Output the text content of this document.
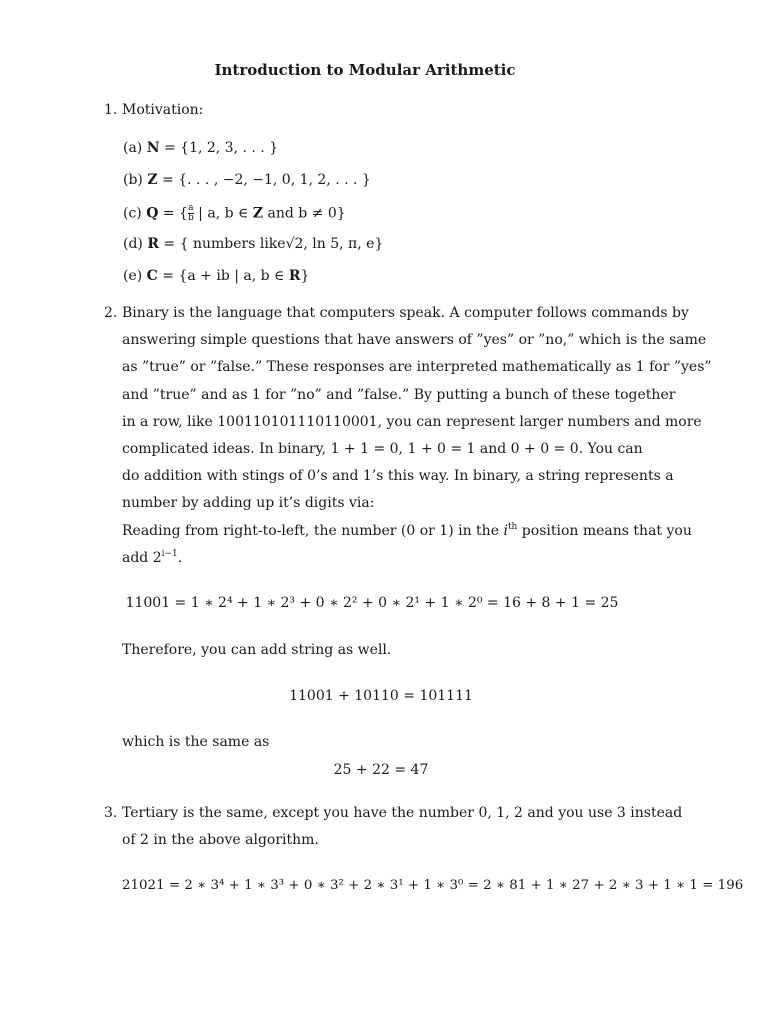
Introduction to Modular Arithmetic
1. Motivation:
(a) N = {1, 2, 3, . . . }
(b) Z = {. . . , −2, −1, 0, 1, 2, . . . }
(c) Q = { $\frac{a}{b}$ | a, b ∈ Z and b ≠ 0}
(d) R = { numbers like√2, ln 5, π, e}
(e) C = {a + ib | a, b ∈ R}
2. Binary is the language that computers speak. A computer follows commands by
answering simple questions that have answers of ”yes” or ”no,” which is the same
as ”true” or ”false.” These responses are interpreted mathematically as 1 for ”yes”
and ”true” and as 1 for ”no” and ”false.” By putting a bunch of these together
in a row, like 100110101110110001, you can represent larger numbers and more
complicated ideas. In binary, 1 + 1 = 0, 1 + 0 = 1 and 0 + 0 = 0. You can
do addition with stings of 0’s and 1’s this way. In binary, a string represents a
number by adding up it’s digits via:
Reading from right-to-left, the number (0 or 1) in the $i^{th}$ position means that you
add $2^{i-1}$.
11001 = 1 ∗ 2⁴ + 1 ∗ 2³ + 0 ∗ 2² + 0 ∗ 2¹ + 1 ∗ 2⁰ = 16 + 8 + 1 = 25
Therefore, you can add string as well.
11001 + 10110 = 101111
which is the same as
25 + 22 = 47
3. Tertiary is the same, except you have the number 0, 1, 2 and you use 3 instead
of 2 in the above algorithm.
21021 = 2 ∗ 3⁴ + 1 ∗ 3³ + 0 ∗ 3² + 2 ∗ 3¹ + 1 ∗ 3⁰ = 2 ∗ 81 + 1 ∗ 27 + 2 ∗ 3 + 1 ∗ 1 = 196
